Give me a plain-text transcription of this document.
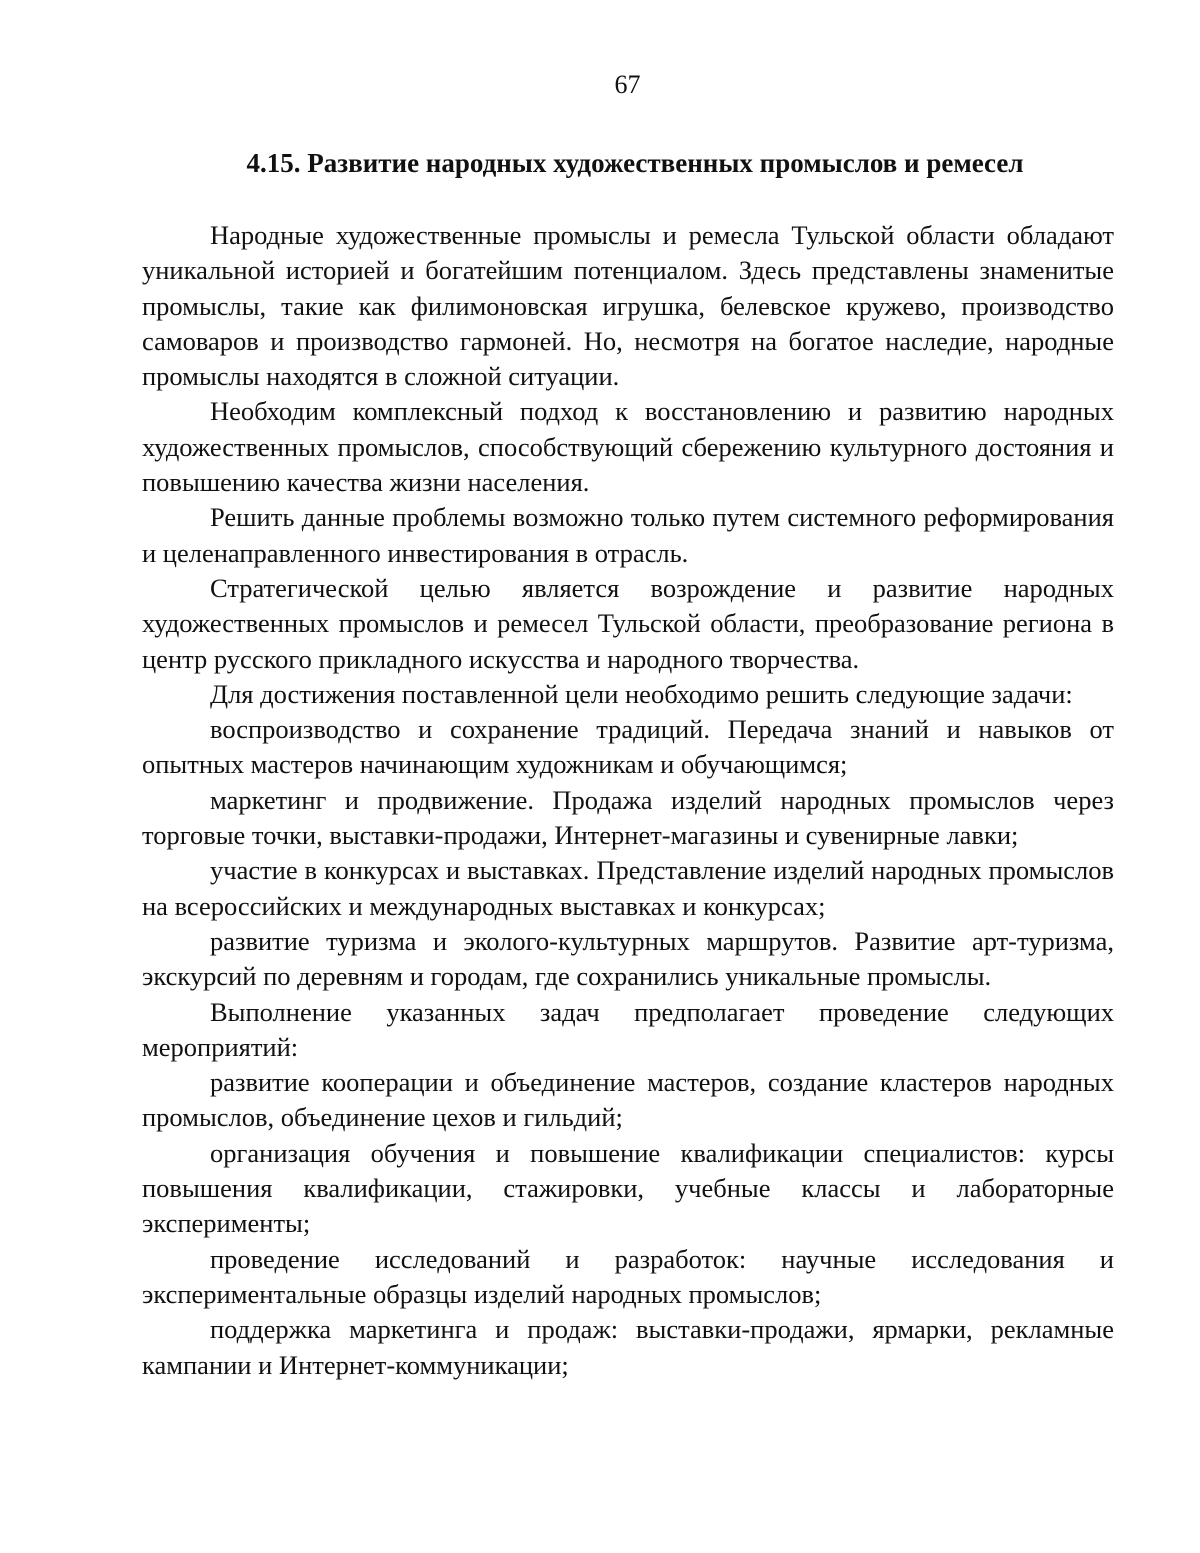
67
4.15. Развитие народных художественных промыслов и ремесел

Народные художественные промыслы и ремесла Тульской области обладают уникальной историей и богатейшим потенциалом. Здесь представлены знаменитые промыслы, такие как филимоновская игрушка, белевское кружево, производство самоваров и производство гармоней. Но, несмотря на богатое наследие, народные промыслы находятся в сложной ситуации.

Необходим комплексный подход к восстановлению и развитию народных художественных промыслов, способствующий сбережению культурного достояния и повышению качества жизни населения.

Решить данные проблемы возможно только путем системного реформирования и целенаправленного инвестирования в отрасль.

Стратегической целью является возрождение и развитие народных художественных промыслов и ремесел Тульской области, преобразование региона в центр русского прикладного искусства и народного творчества.

Для достижения поставленной цели необходимо решить следующие задачи:

воспроизводство и сохранение традиций. Передача знаний и навыков от опытных мастеров начинающим художникам и обучающимся;

маркетинг и продвижение. Продажа изделий народных промыслов через торговые точки, выставки-продажи, Интернет-магазины и сувенирные лавки;

участие в конкурсах и выставках. Представление изделий народных промыслов на всероссийских и международных выставках и конкурсах;

развитие туризма и эколого-культурных маршрутов. Развитие арт-туризма, экскурсий по деревням и городам, где сохранились уникальные промыслы.

Выполнение указанных задач предполагает проведение следующих мероприятий:

развитие кооперации и объединение мастеров, создание кластеров народных промыслов, объединение цехов и гильдий;

организация обучения и повышение квалификации специалистов: курсы повышения квалификации, стажировки, учебные классы и лабораторные эксперименты;

проведение исследований и разработок: научные исследования и экспериментальные образцы изделий народных промыслов;

поддержка маркетинга и продаж: выставки-продажи, ярмарки, рекламные кампании и Интернет-коммуникации;
